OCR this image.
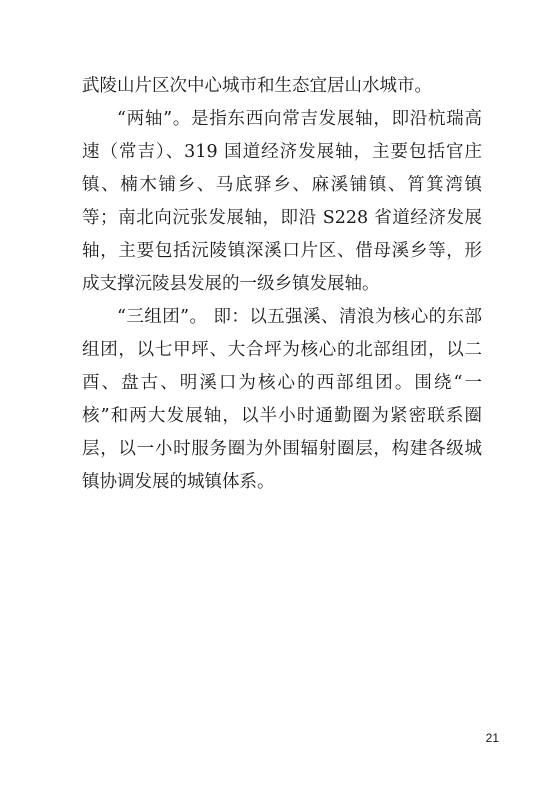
武陵山片区次中心城市和生态宜居山水城市。

“两轴”。是指东西向常吉发展轴，即沿杭瑞高速（常吉）、319 国道经济发展轴，主要包括官庄镇、楠木铺乡、马底驿乡、麻溪铺镇、筲箕湾镇等；南北向沅张发展轴，即沿 S228 省道经济发展轴，主要包括沅陵镇深溪口片区、借母溪乡等，形成支撑沅陵县发展的一级乡镇发展轴。

“三组团”。 即：以五强溪、清浪为核心的东部组团，以七甲坪、大合坪为核心的北部组团，以二酉、盘古、明溪口为核心的西部组团。围绕“一核”和两大发展轴，以半小时通勤圈为紧密联系圈层，以一小时服务圈为外围辐射圈层，构建各级城镇协调发展的城镇体系。

21
